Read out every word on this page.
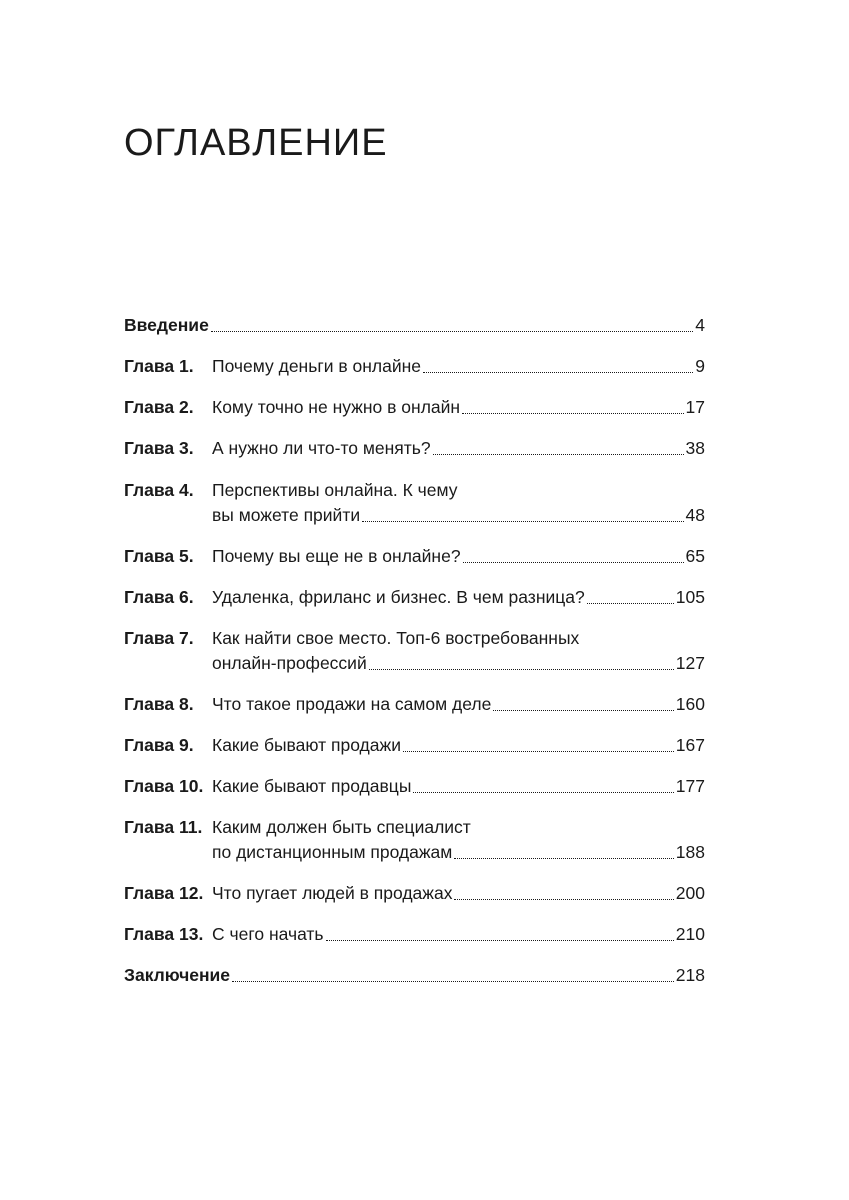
ОГЛАВЛЕНИЕ
Введение	4
Глава 1.	Почему деньги в онлайне	9
Глава 2.	Кому точно не нужно в онлайн	17
Глава 3.	А нужно ли что-то менять?	38
Глава 4.	Перспективы онлайна. К чему
вы можете прийти	48
Глава 5.	Почему вы еще не в онлайне?	65
Глава 6.	Удаленка, фриланс и бизнес. В чем разница?	105
Глава 7.	Как найти свое место. Топ-6 востребованных
онлайн-профессий	127
Глава 8.	Что такое продажи на самом деле	160
Глава 9.	Какие бывают продажи	167
Глава 10. Какие бывают продавцы	177
Глава 11. Каким должен быть специалист
по дистанционным продажам	188
Глава 12. Что пугает людей в продажах	200
Глава 13. С чего начать	210
Заключение	218
